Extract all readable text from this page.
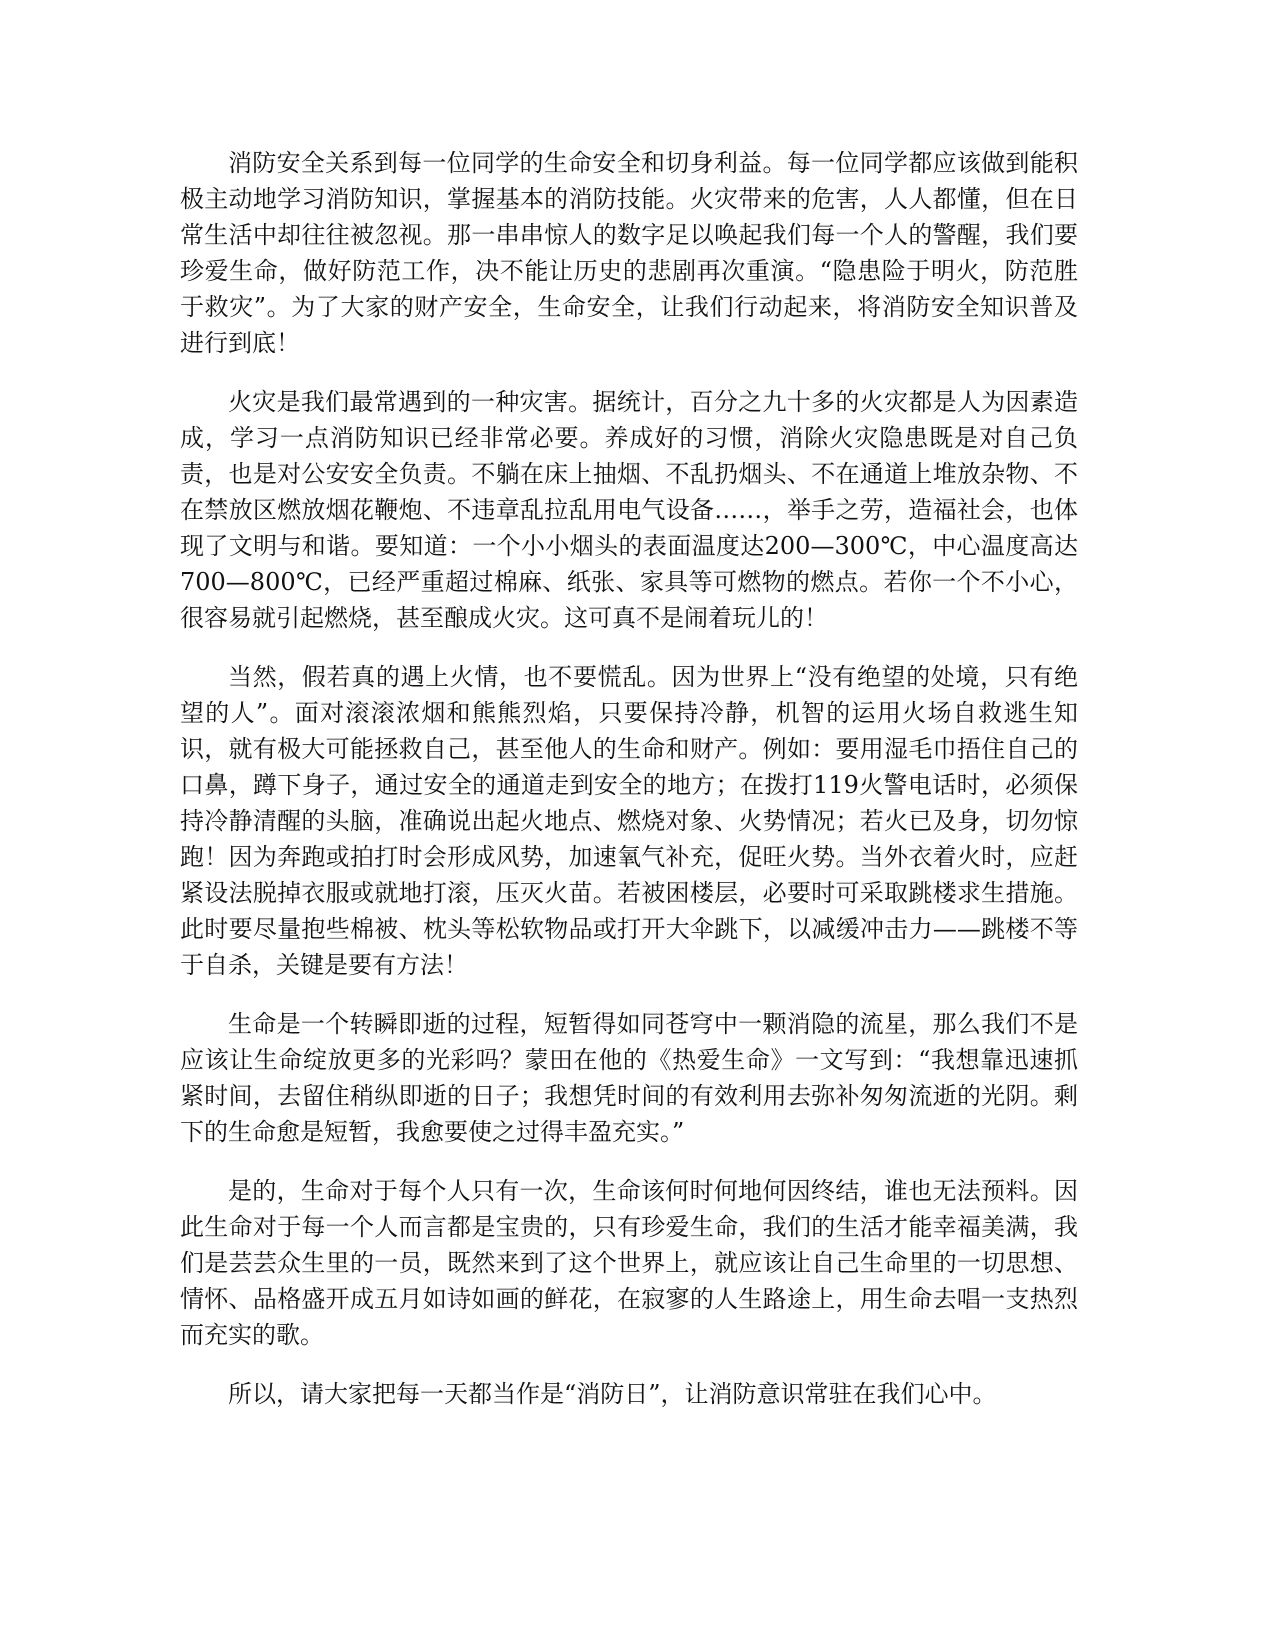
消防安全关系到每一位同学的生命安全和切身利益。每一位同学都应该做到能积极主动地学习消防知识，掌握基本的消防技能。火灾带来的危害，人人都懂，但在日常生活中却往往被忽视。那一串串惊人的数字足以唤起我们每一个人的警醒，我们要珍爱生命，做好防范工作，决不能让历史的悲剧再次重演。“隐患险于明火，防范胜于救灾”。为了大家的财产安全，生命安全，让我们行动起来，将消防安全知识普及进行到底！

火灾是我们最常遇到的一种灾害。据统计，百分之九十多的火灾都是人为因素造成，学习一点消防知识已经非常必要。养成好的习惯，消除火灾隐患既是对自己负责，也是对公安安全负责。不躺在床上抽烟、不乱扔烟头、不在通道上堆放杂物、不在禁放区燃放烟花鞭炮、不违章乱拉乱用电气设备……，举手之劳，造福社会，也体现了文明与和谐。要知道：一个小小烟头的表面温度达200—300℃，中心温度高达700—800℃，已经严重超过棉麻、纸张、家具等可燃物的燃点。若你一个不小心，很容易就引起燃烧，甚至酿成火灾。这可真不是闹着玩儿的！

当然，假若真的遇上火情，也不要慌乱。因为世界上“没有绝望的处境，只有绝望的人”。面对滚滚浓烟和熊熊烈焰，只要保持冷静，机智的运用火场自救逃生知识，就有极大可能拯救自己，甚至他人的生命和财产。例如：要用湿毛巾捂住自己的口鼻，蹲下身子，通过安全的通道走到安全的地方；在拨打119火警电话时，必须保持冷静清醒的头脑，准确说出起火地点、燃烧对象、火势情况；若火已及身，切勿惊跑！因为奔跑或拍打时会形成风势，加速氧气补充，促旺火势。当外衣着火时，应赶紧设法脱掉衣服或就地打滚，压灭火苗。若被困楼层，必要时可采取跳楼求生措施。此时要尽量抱些棉被、枕头等松软物品或打开大伞跳下，以减缓冲击力——跳楼不等于自杀，关键是要有方法！

生命是一个转瞬即逝的过程，短暂得如同苍穹中一颗消隐的流星，那么我们不是应该让生命绽放更多的光彩吗？蒙田在他的《热爱生命》一文写到：“我想靠迅速抓紧时间，去留住稍纵即逝的日子；我想凭时间的有效利用去弥补匆匆流逝的光阴。剩下的生命愈是短暂，我愈要使之过得丰盈充实。”

是的，生命对于每个人只有一次，生命该何时何地何因终结，谁也无法预料。因此生命对于每一个人而言都是宝贵的，只有珍爱生命，我们的生活才能幸福美满，我们是芸芸众生里的一员，既然来到了这个世界上，就应该让自己生命里的一切思想、情怀、品格盛开成五月如诗如画的鲜花，在寂寥的人生路途上，用生命去唱一支热烈而充实的歌。

所以，请大家把每一天都当作是“消防日”，让消防意识常驻在我们心中。
